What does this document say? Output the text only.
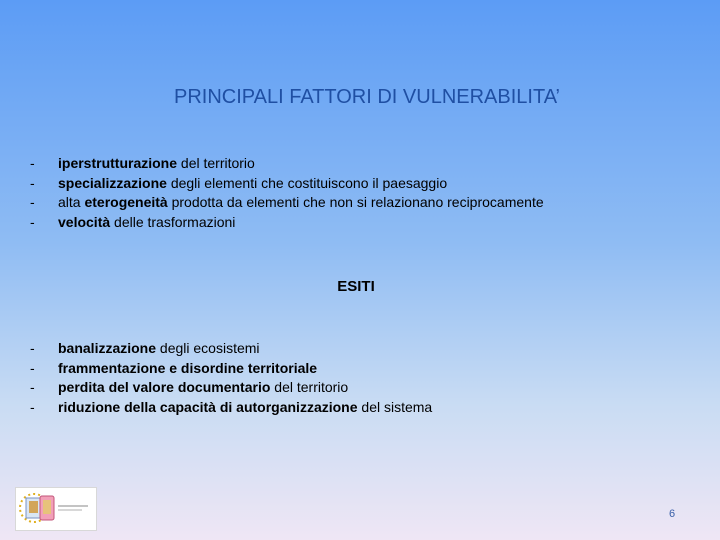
PRINCIPALI FATTORI DI VULNERABILITA’
- iperstrutturazione del territorio
- specializzazione degli elementi che costituiscono il paesaggio
- alta eterogeneità prodotta da elementi che non si relazionano reciprocamente
- velocità delle trasformazioni
ESITI
- banalizzazione degli ecosistemi
- frammentazione e disordine territoriale
- perdita del valore documentario del territorio
- riduzione della capacità di autorganizzazione del sistema
6
